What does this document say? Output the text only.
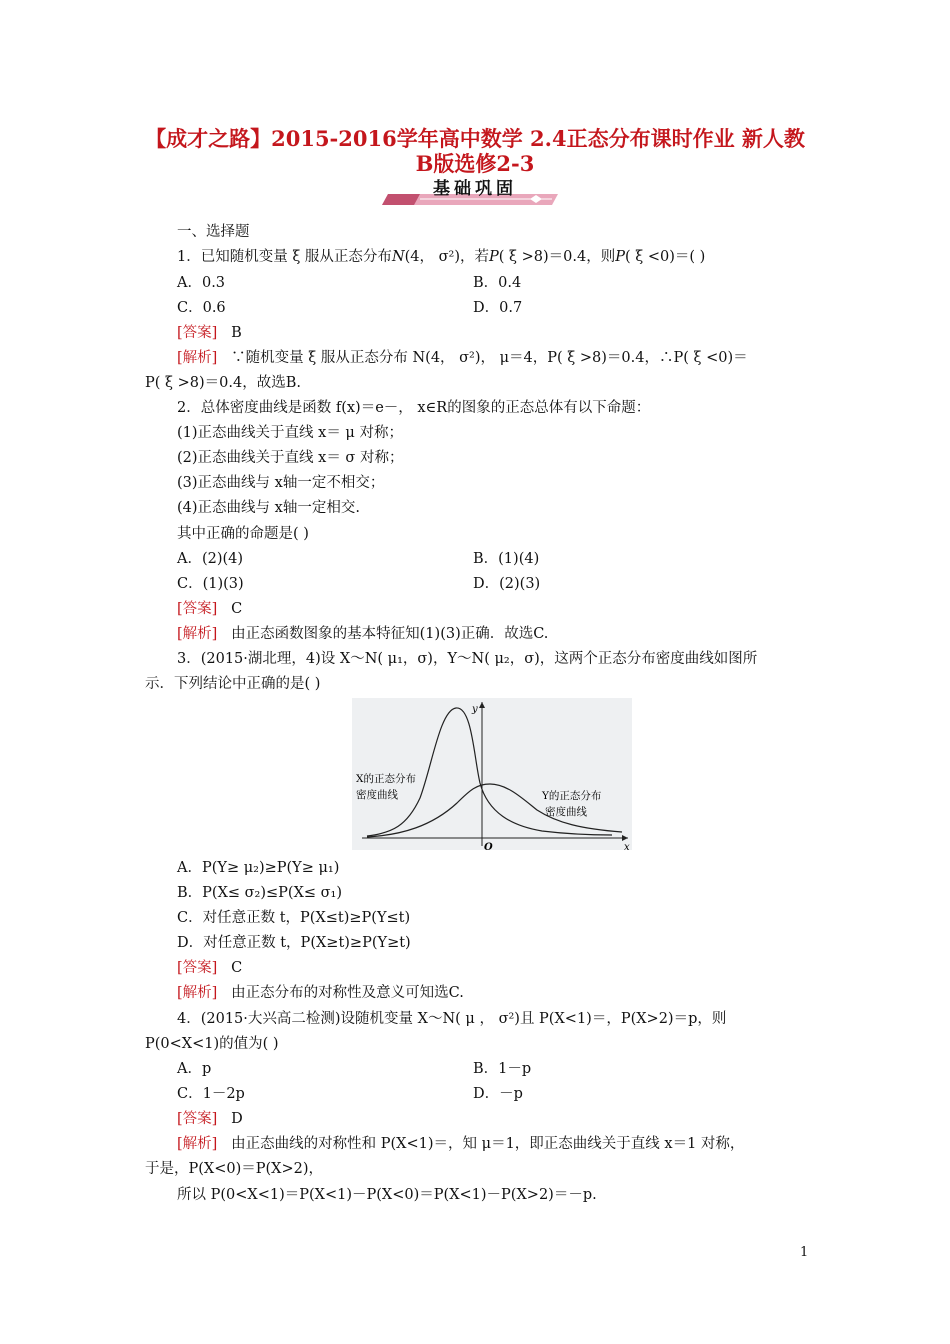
【成才之路】2015-2016学年高中数学 2.4正态分布课时作业 新人教
B版选修2-3
基础巩固
一、选择题
1．已知随机变量 ξ 服从正态分布N(4， σ²)，若P( ξ >8)＝0.4，则P( ξ <0)＝( )
A．0.3	B．0.4
C．0.6	D．0.7
[答案] B
[解析] ∵随机变量 ξ 服从正态分布 N(4， σ²)， μ＝4，P( ξ >8)＝0.4，∴P( ξ <0)＝
P( ξ >8)＝0.4，故选B.
2．总体密度曲线是函数 f(x)＝e－， x∈R的图象的正态总体有以下命题：
(1)正态曲线关于直线 x＝ μ 对称；
(2)正态曲线关于直线 x＝ σ 对称；
(3)正态曲线与 x轴一定不相交；
(4)正态曲线与 x轴一定相交.
其中正确的命题是( )
A．(2)(4)	B．(1)(4)
C．(1)(3)	D．(2)(3)
[答案] C
[解析] 由正态函数图象的基本特征知(1)(3)正确．故选C.
3．(2015·湖北理，4)设 X～N( μ₁，σ)，Y～N( μ₂，σ)，这两个正态分布密度曲线如图所
示．下列结论中正确的是( )
y
x
O
X的正态分布
密度曲线	Y的正态分布
密度曲线
A．P(Y≥ μ₂)≥P(Y≥ μ₁)
B．P(X≤ σ₂)≤P(X≤ σ₁)
C．对任意正数 t，P(X≤t)≥P(Y≤t)
D．对任意正数 t，P(X≥t)≥P(Y≥t)
[答案] C
[解析] 由正态分布的对称性及意义可知选C.
4．(2015·大兴高二检测)设随机变量 X～N( μ ， σ²)且 P(X<1)＝，P(X>2)＝p，则
P(0<X<1)的值为( )
A．p	B．1－p
C．1－2p	D．－p
[答案] D
[解析] 由正态曲线的对称性和 P(X<1)＝，知 μ＝1，即正态曲线关于直线 x＝1 对称，
于是，P(X<0)＝P(X>2)，
所以 P(0<X<1)＝P(X<1)－P(X<0)＝P(X<1)－P(X>2)＝－p.
1
